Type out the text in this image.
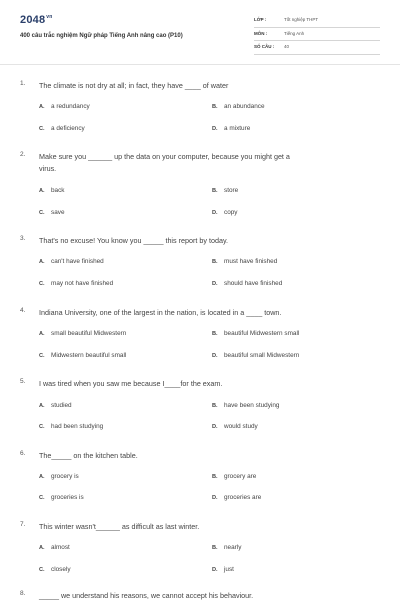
$2048^{vn}$
400 câu trắc nghiệm Ngữ pháp Tiếng Anh nâng cao (P10)
LỚP :	Tốt nghiệp THPT
MÔN :	Tiếng Anh
SỐ CÂU : 40
1. The climate is not dry at all; in fact, they have ____ of water
A. a redundancy	B. an abundance
C. a deficiency	D. a mixture
2. Make sure you ______ up the data on your computer, because you might get a
virus.
A. back	B. store
C. save	D. copy
3. That's no excuse! You know you _____ this report by today.
A. can't have finished	B. must have finished
C. may not have finished	D. should have finished
4. Indiana University, one of the largest in the nation, is located in a ____ town.
A. small beautiful Midwestern	B. beautiful Midwestern small
C. Midwestern beautiful small	D. beautiful small Midwestern
5. I was tired when you saw me because I____for the exam.
A. studied	B. have been studying
C. had been studying	D. would study
6. The_____ on the kitchen table.
A. grocery is	B. grocery are
C. groceries is	D. groceries are
7. This winter wasn't______ as difficult as last winter.
A. almost	B. nearly
C. closely	D. just
8. _____ we understand his reasons, we cannot accept his behaviour.
